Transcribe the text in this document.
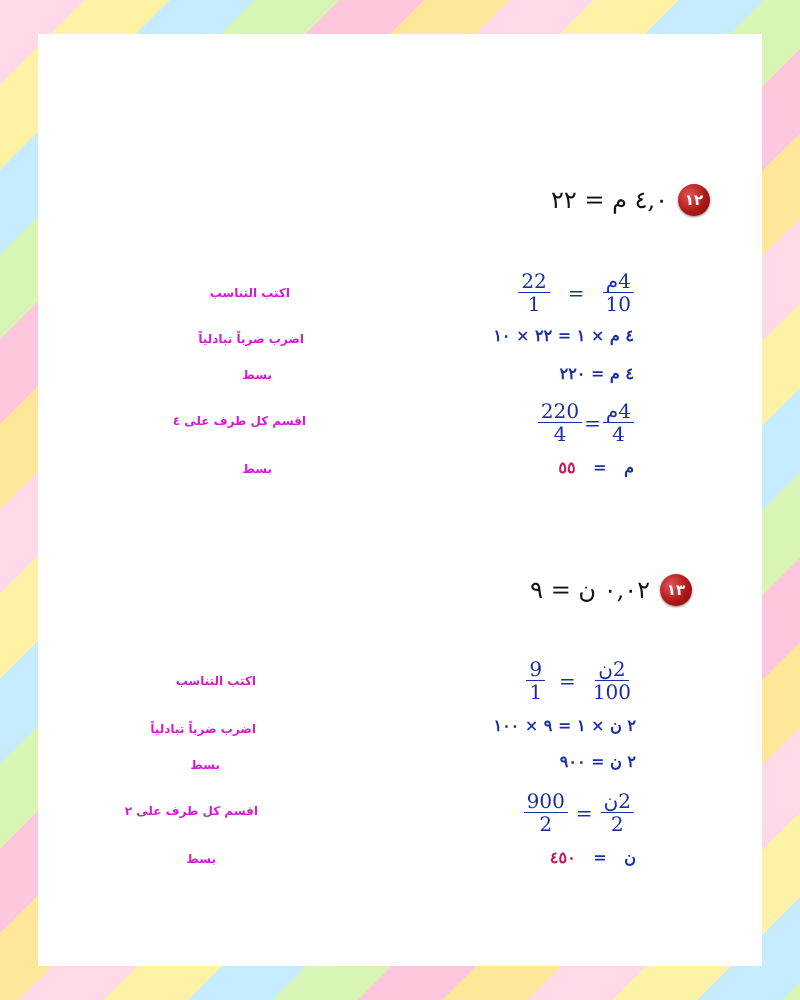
١٢
٤,٠ م = ٢٢
$\frac{\text{4م}}{10}$
=
$\frac{22}{1}$
اكتب التناسب
٤ م × ١ = ٢٢ × ١٠
اضرب ضرباً تبادلياً
٤ م = ٢٢٠
بسط
$\frac{\text{4م}}{4}$
=
$\frac{220}{4}$
اقسم كل طرف على ٤
م = ٥٥
بسط
١٣
٠,٠٢ ن = ٩
$\frac{\text{2ن}}{100}$
=
$\frac{9}{1}$
اكتب التناسب
٢ ن × ١ = ٩ × ١٠٠
اضرب ضرباً تبادلياً
٢ ن = ٩٠٠
بسط
$\frac{\text{2ن}}{2}$
=
$\frac{900}{2}$
اقسم كل طرف على ٢
ن = ٤٥٠
بسط
